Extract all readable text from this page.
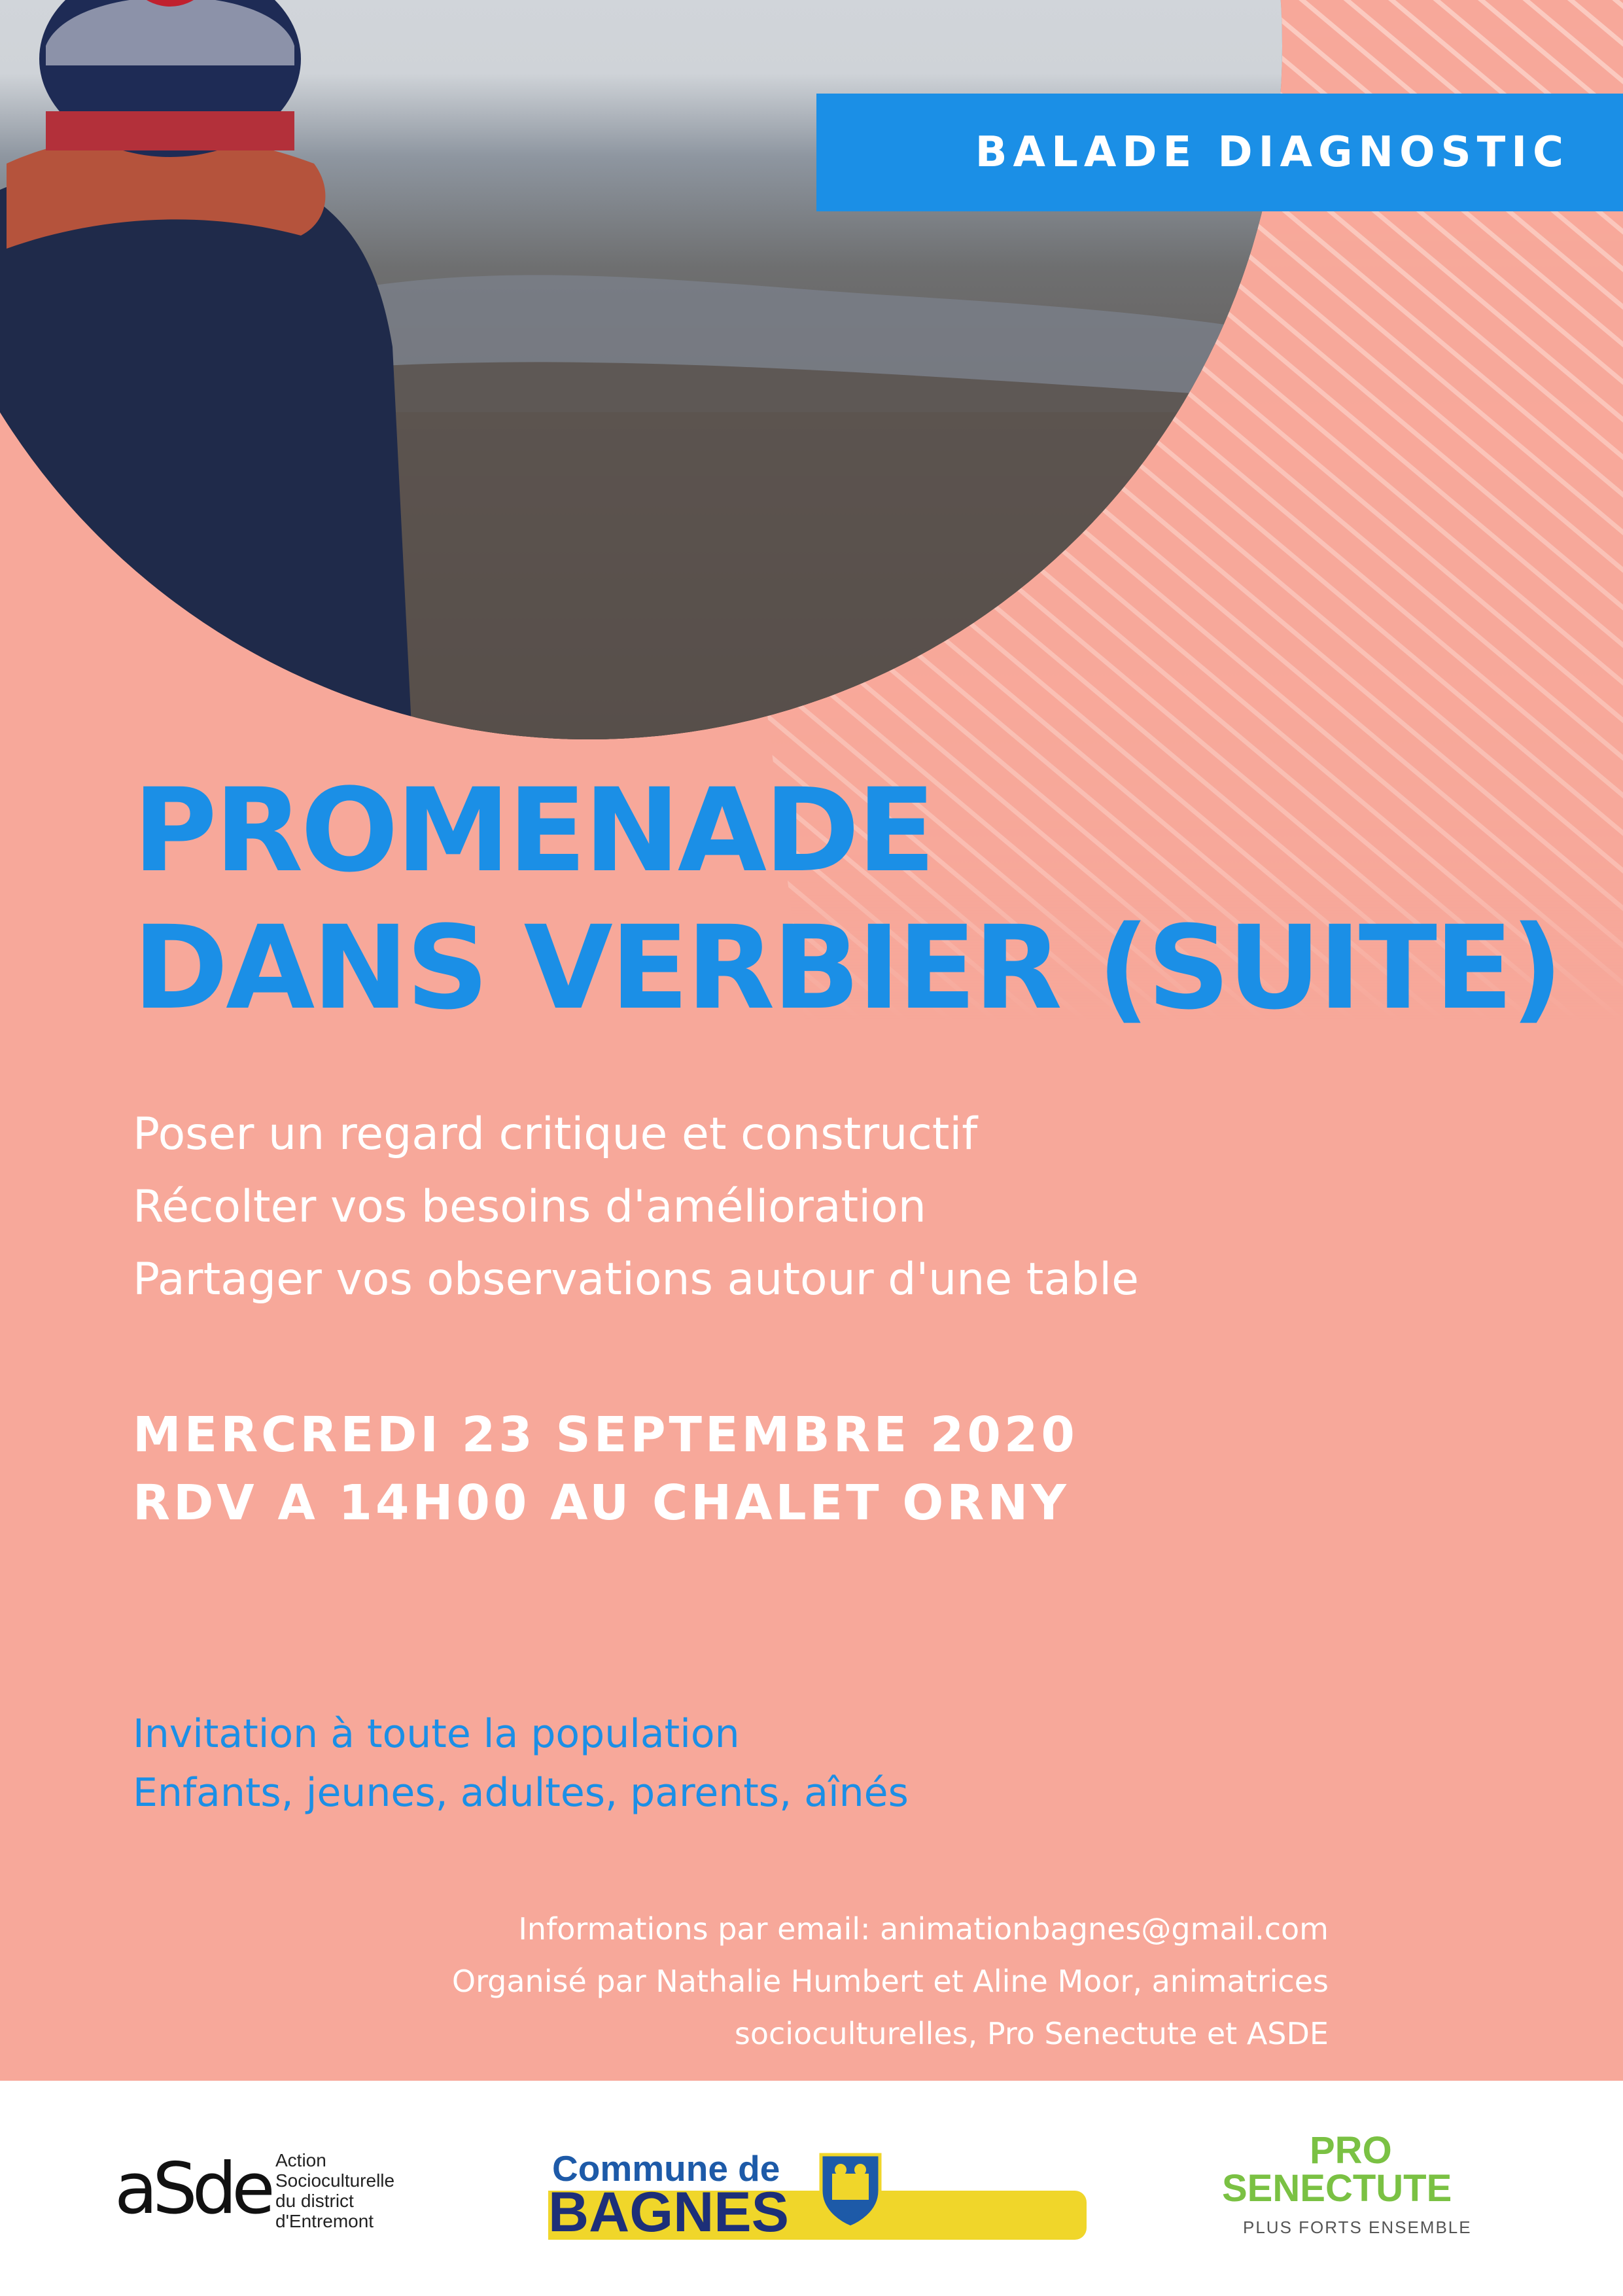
BALADE DIAGNOSTIC
PROMENADE
DANS VERBIER (SUITE)
Poser un regard critique et constructif
Récolter vos besoins d'amélioration
Partager vos observations autour d'une table
MERCREDI 23 SEPTEMBRE 2020
RDV A 14H00 AU CHALET ORNY
Invitation à toute la population
Enfants, jeunes, adultes, parents, aînés
Informations par email: animationbagnes@gmail.com
Organisé par Nathalie Humbert et Aline Moor, animatrices
socioculturelles, Pro Senectute et ASDE
aSde Action
Socioculturelle
du district
d'Entremont
Commune de
BAGNES
PRO
SENECTUTE
PLUS FORTS ENSEMBLE
